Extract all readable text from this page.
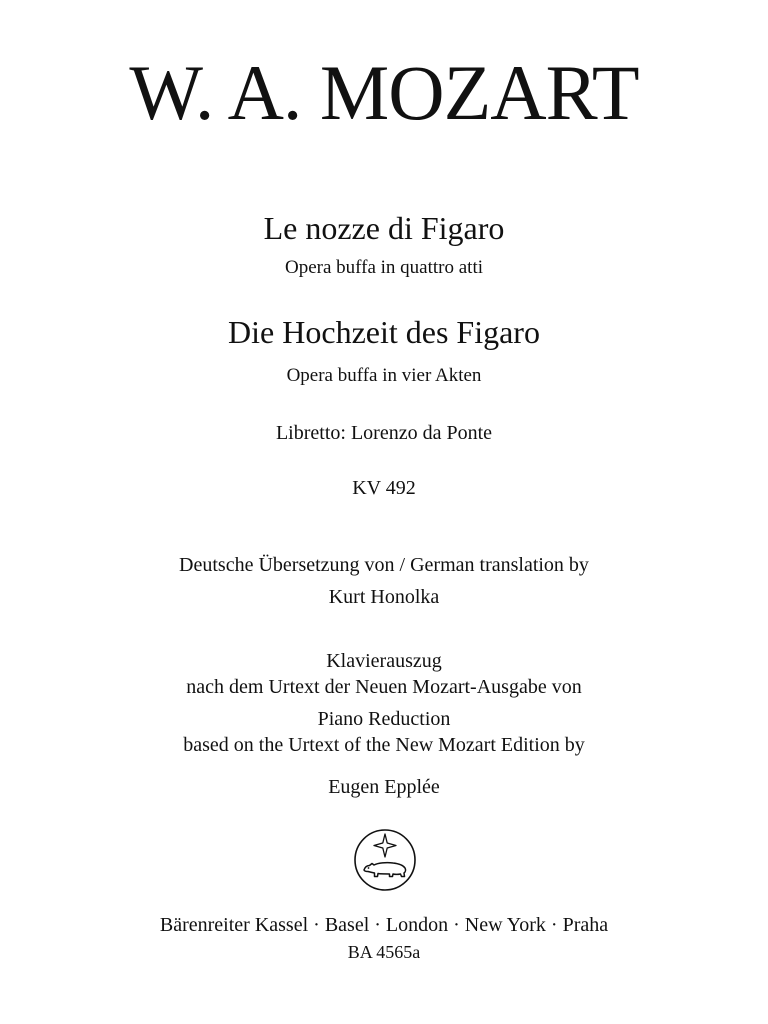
W. A. MOZART
Le nozze di Figaro
Opera buffa in quattro atti
Die Hochzeit des Figaro
Opera buffa in vier Akten
Libretto: Lorenzo da Ponte
KV 492
Deutsche Übersetzung von / German translation by
Kurt Honolka
Klavierauszug
nach dem Urtext der Neuen Mozart-Ausgabe von
Piano Reduction
based on the Urtext of the New Mozart Edition by
Eugen Epplée
Bärenreiter Kassel · Basel · London · New York · Praha
BA 4565a
